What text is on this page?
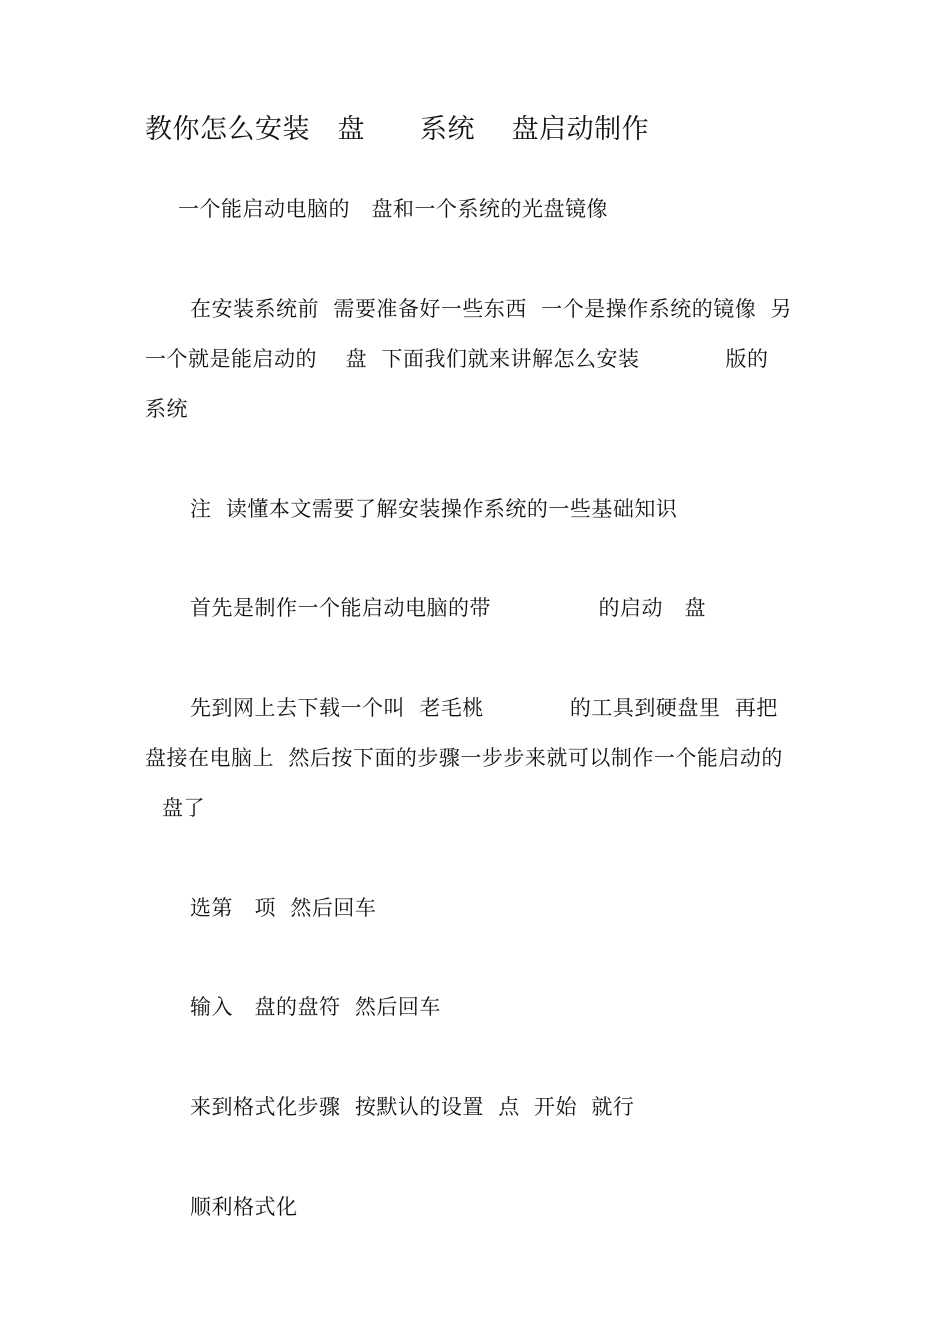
教你怎么安装　盘　　系统　 盘启动制作
一个能启动电脑的　盘和一个系统的光盘镜像
在安装系统前  需要准备好一些东西  一个是操作系统的镜像  另
一个就是能启动的　 盘  下面我们就来讲解怎么安装　　　　版的
系统
注  读懂本文需要了解安装操作系统的一些基础知识
首先是制作一个能启动电脑的带　　　　　的启动　盘
先到网上去下载一个叫  老毛桃　　　　的工具到硬盘里  再把
盘接在电脑上  然后按下面的步骤一步步来就可以制作一个能启动的
盘了
选第　项  然后回车
输入　盘的盘符  然后回车
来到格式化步骤  按默认的设置  点  开始  就行
顺利格式化
